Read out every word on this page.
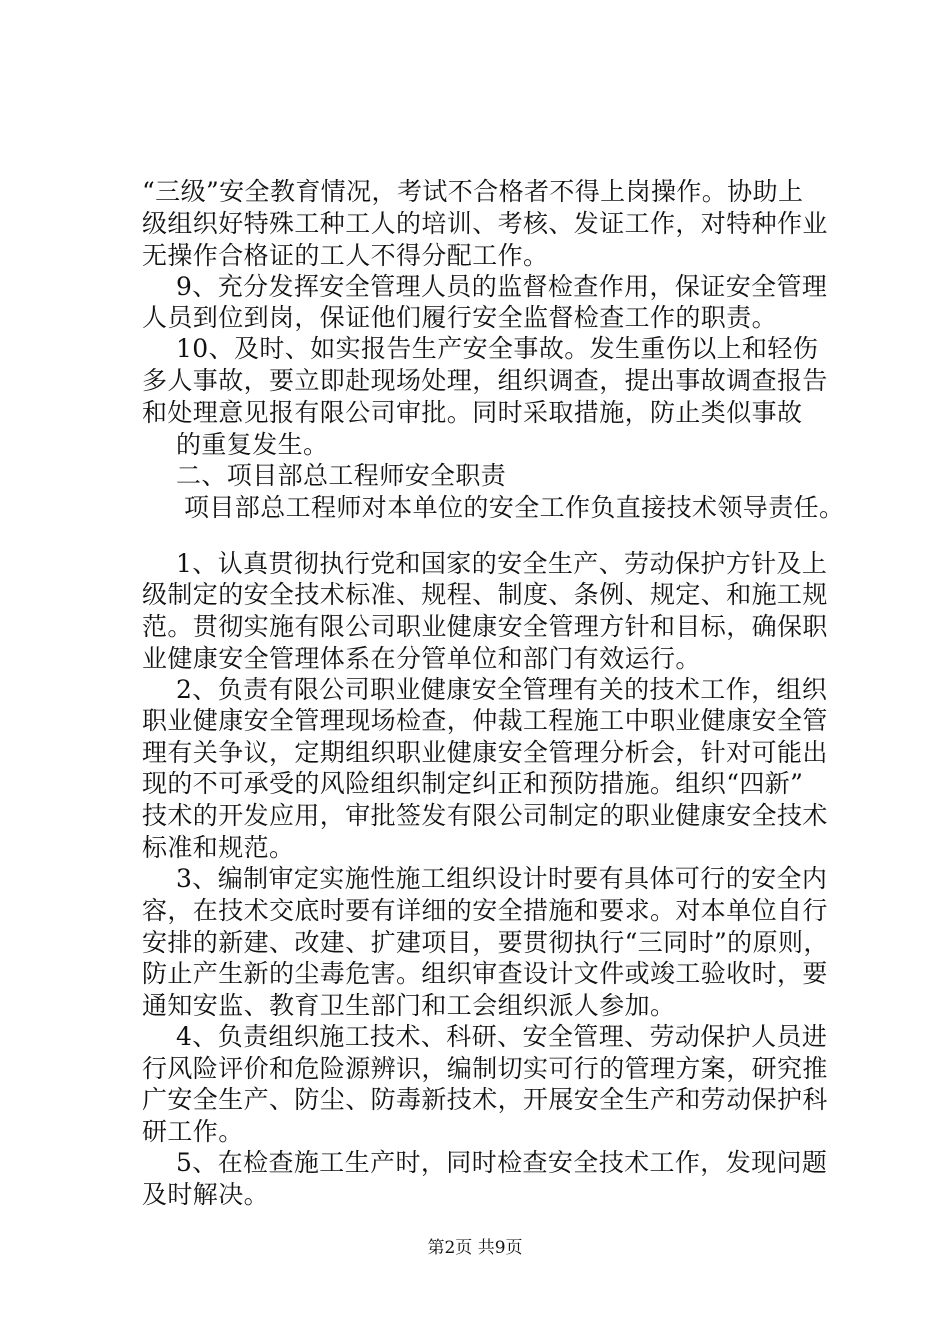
“三级”安全教育情况，考试不合格者不得上岗操作。协助上
级组织好特殊工种工人的培训、考核、发证工作，对特种作业
无操作合格证的工人不得分配工作。
9、充分发挥安全管理人员的监督检查作用，保证安全管理
人员到位到岗，保证他们履行安全监督检查工作的职责。
10、及时、如实报告生产安全事故。发生重伤以上和轻伤
多人事故，要立即赴现场处理，组织调查，提出事故调查报告
和处理意见报有限公司审批。同时采取措施，防止类似事故
的重复发生。
二、项目部总工程师安全职责
项目部总工程师对本单位的安全工作负直接技术领导责任。
1、认真贯彻执行党和国家的安全生产、劳动保护方针及上
级制定的安全技术标准、规程、制度、条例、规定、和施工规
范。贯彻实施有限公司职业健康安全管理方针和目标，确保职
业健康安全管理体系在分管单位和部门有效运行。
2、负责有限公司职业健康安全管理有关的技术工作，组织
职业健康安全管理现场检查，仲裁工程施工中职业健康安全管
理有关争议，定期组织职业健康安全管理分析会，针对可能出
现的不可承受的风险组织制定纠正和预防措施。组织“四新”
技术的开发应用，审批签发有限公司制定的职业健康安全技术
标准和规范。
3、编制审定实施性施工组织设计时要有具体可行的安全内
容，在技术交底时要有详细的安全措施和要求。对本单位自行
安排的新建、改建、扩建项目，要贯彻执行“三同时”的原则，
防止产生新的尘毒危害。组织审查设计文件或竣工验收时，要
通知安监、教育卫生部门和工会组织派人参加。
4、负责组织施工技术、科研、安全管理、劳动保护人员进
行风险评价和危险源辨识，编制切实可行的管理方案，研究推
广安全生产、防尘、防毒新技术，开展安全生产和劳动保护科
研工作。
5、在检查施工生产时，同时检查安全技术工作，发现问题
及时解决。
第2页 共9页
